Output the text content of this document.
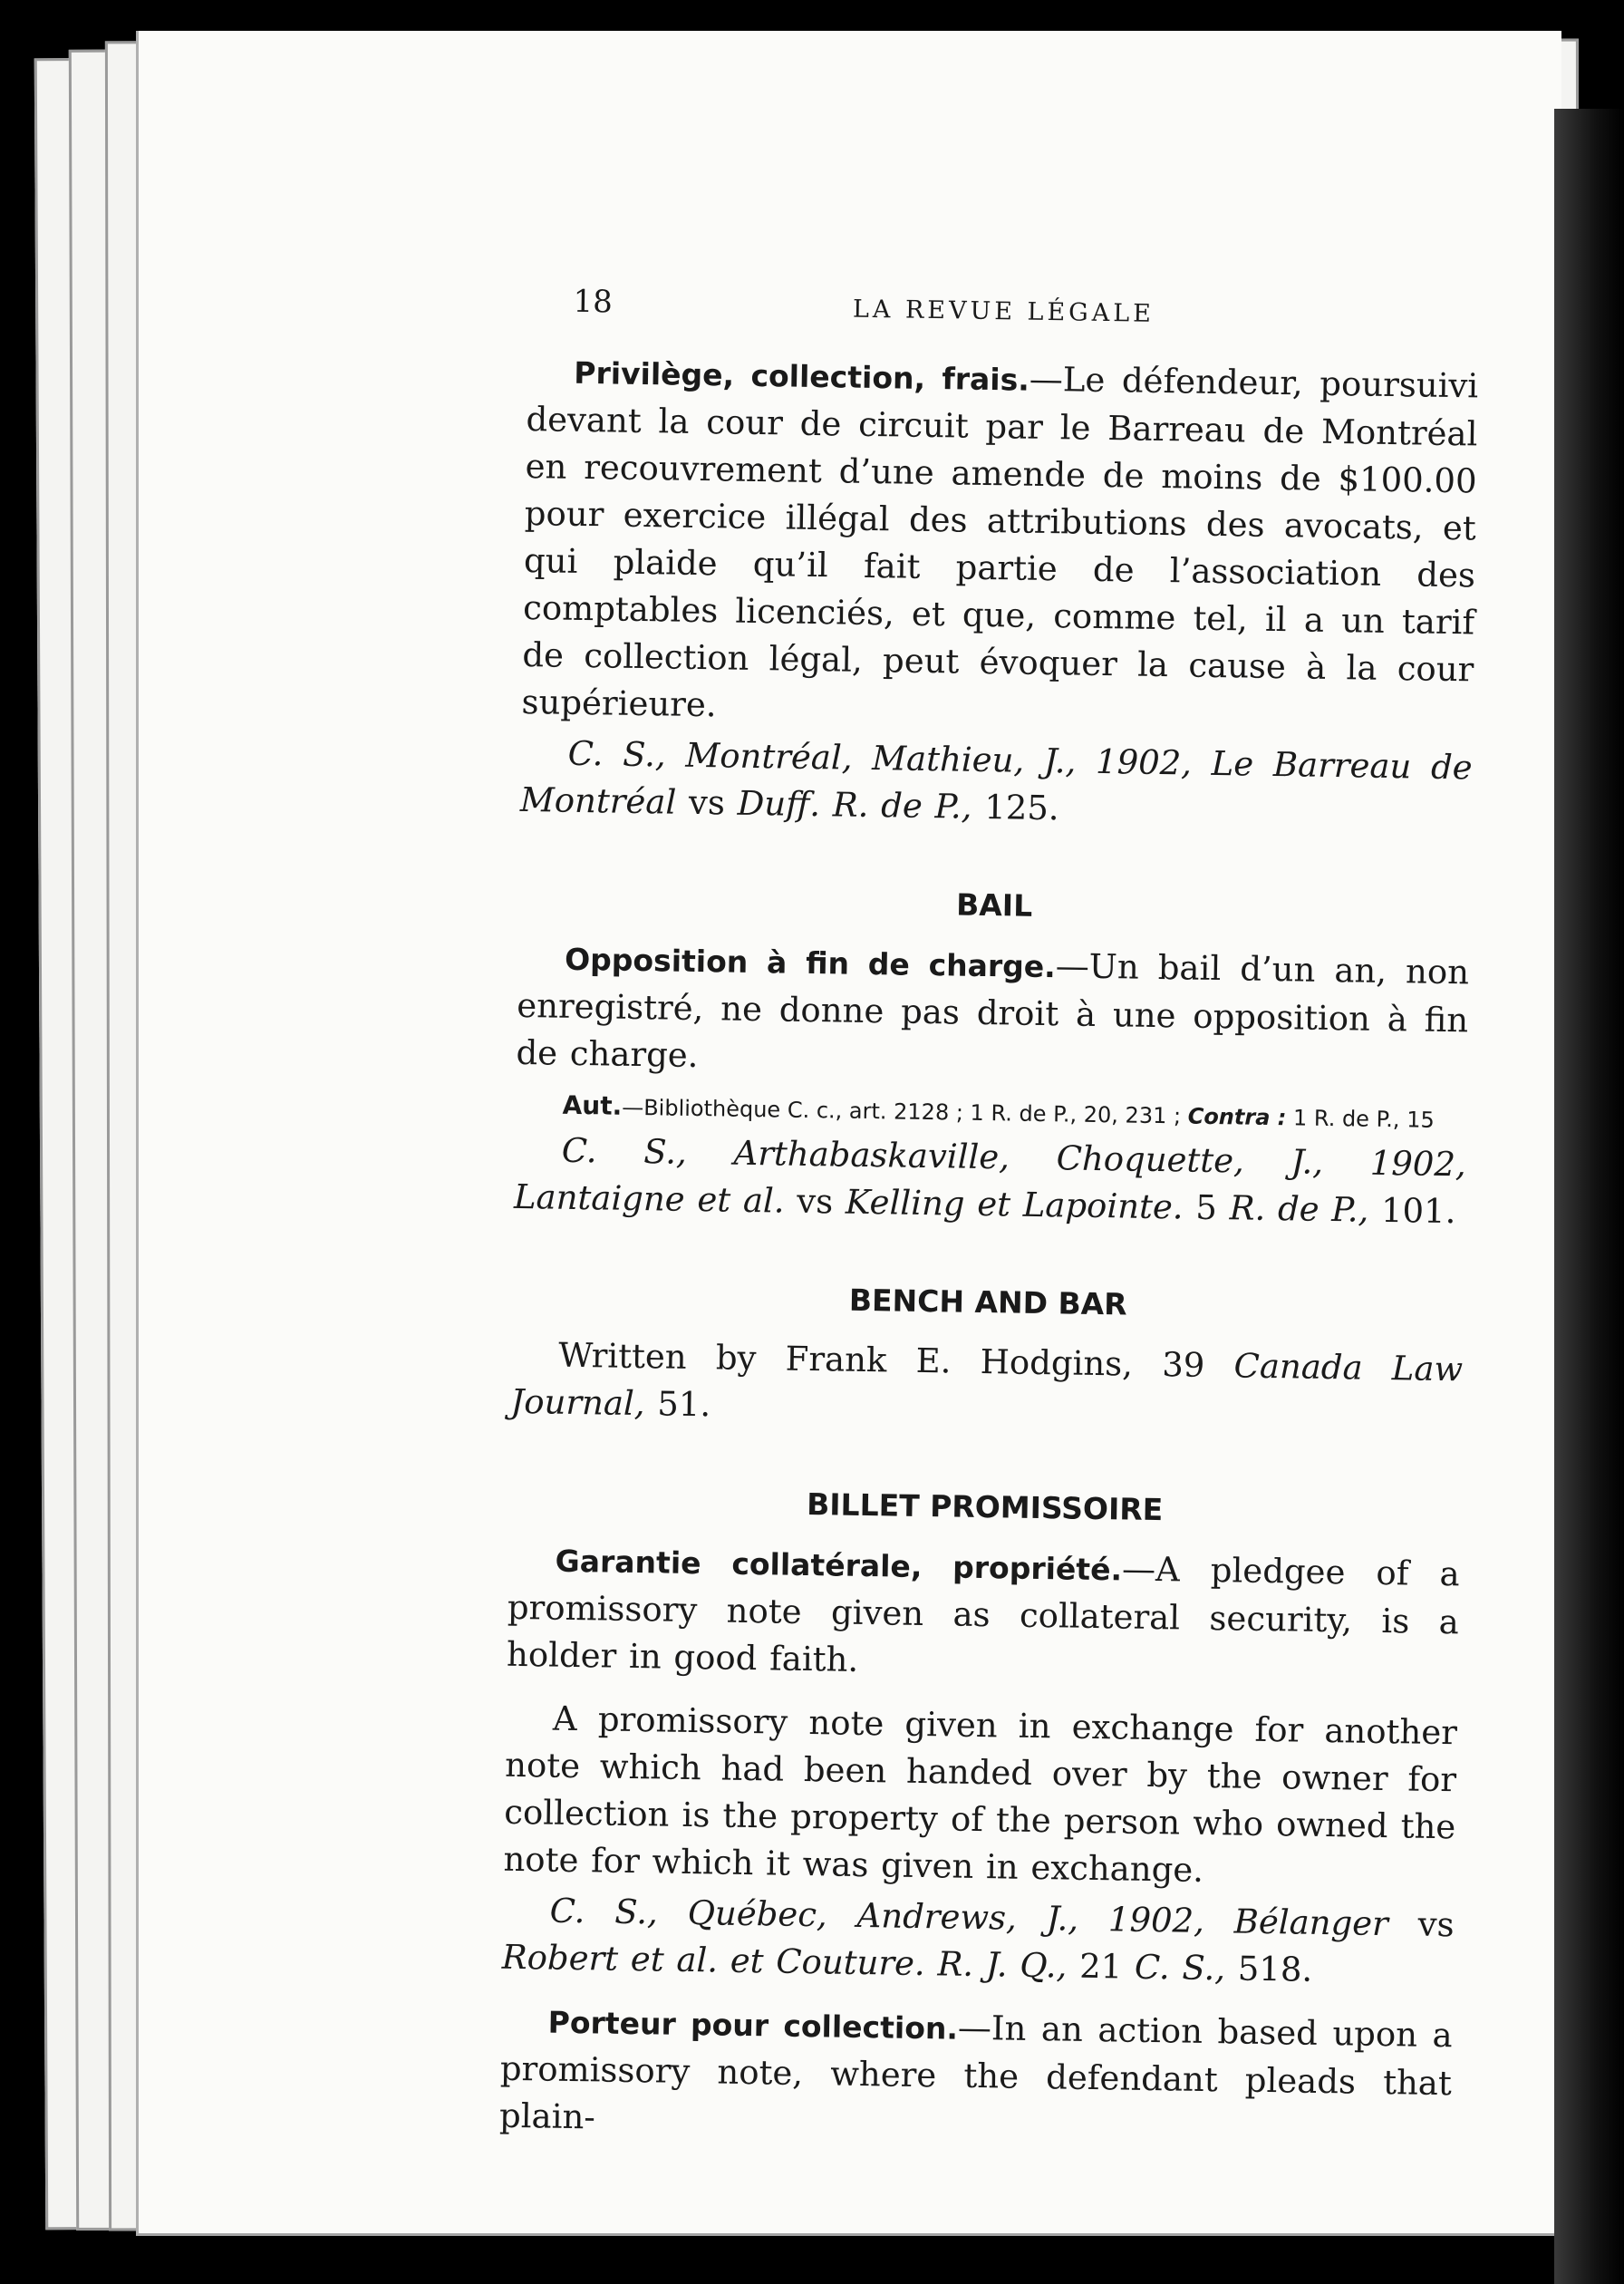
18	LA REVUE LÉGALE

Privilège, collection, frais.—Le défendeur, poursuivi devant la cour de circuit par le Barreau de Montréal en recouvrement d’une amende de moins de $100.00 pour exercice illégal des attributions des avocats, et qui plaide qu’il fait partie de l’association des comptables licenciés, et que, comme tel, il a un tarif de collection légal, peut évoquer la cause à la cour supérieure.

C. S., Montréal, Mathieu, J., 1902, Le Barreau de Montréal vs Duff. R. de P., 125.

BAIL

Opposition à fin de charge.—Un bail d’un an, non enregistré, ne donne pas droit à une opposition à fin de charge.

Aut.—Bibliothèque C. c., art. 2128 ; 1 R. de P., 20, 231 ; Contra : 1 R. de P., 15

C. S., Arthabaskaville, Choquette, J., 1902, Lantaigne et al. vs Kelling et Lapointe. 5 R. de P., 101.

BENCH AND BAR

Written by Frank E. Hodgins, 39 Canada Law Journal, 51.

BILLET PROMISSOIRE

Garantie collatérale, propriété.—A pledgee of a promissory note given as collateral security, is a holder in good faith.

A promissory note given in exchange for another note which had been handed over by the owner for collection is the property of the person who owned the note for which it was given in exchange.

C. S., Québec, Andrews, J., 1902, Bélanger vs Robert et al. et Couture. R. J. Q., 21 C. S., 518.

Porteur pour collection.—In an action based upon a promissory note, where the defendant pleads that plain-
